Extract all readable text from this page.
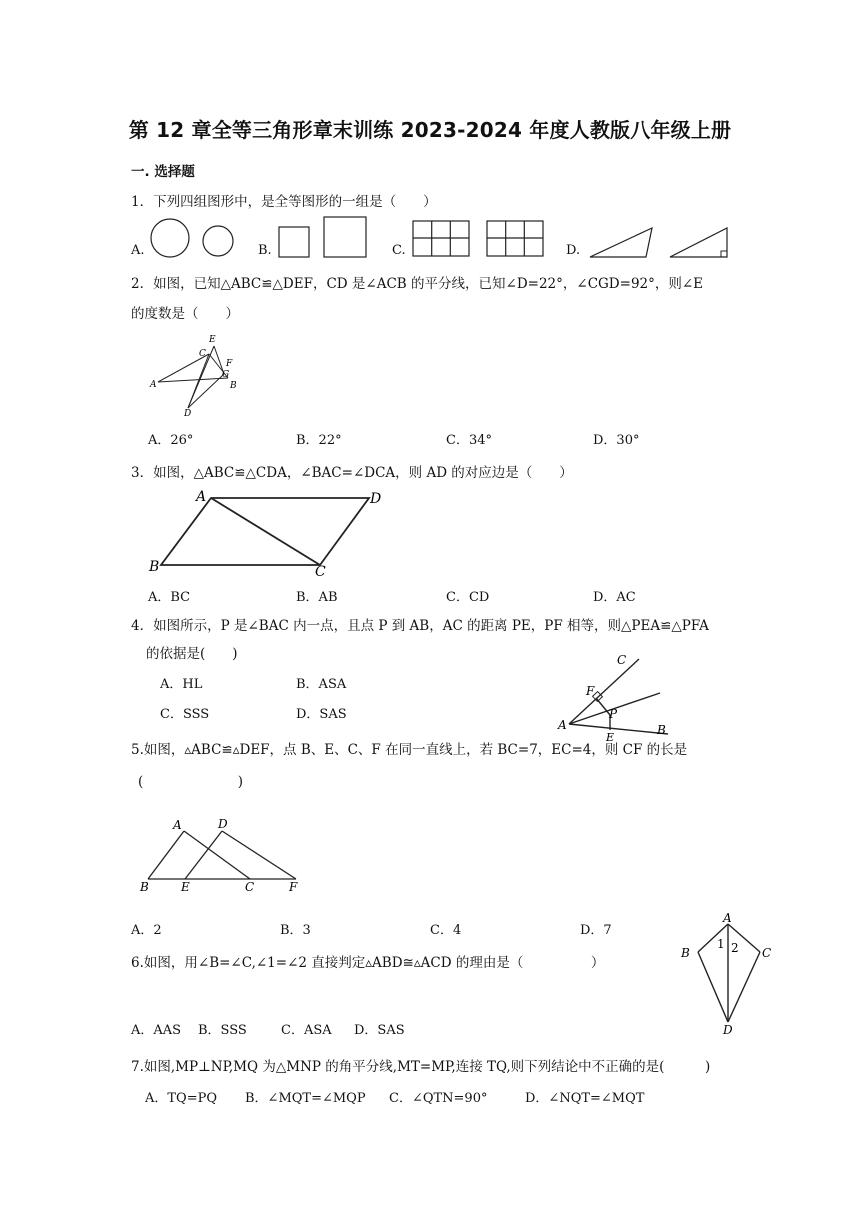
第 12 章全等三角形章末训练 2023-2024 年度人教版八年级上册
一. 选择题
1．下列四组图形中，是全等图形的一组是（　　）
A.	B.	C.	D.
2．如图，已知△ABC≌△DEF，CD 是∠ACB 的平分线，已知∠D=22°，∠CGD=92°，则∠E
的度数是（　　）
E
C
F
G
A	B
D
A．26°	B．22°	C．34°	D．30°
3．如图，△ABC≌△CDA，∠BAC=∠DCA，则 AD 的对应边是（　　）
A	D
B	C
A．BC	B．AB	C．CD	D．AC
4．如图所示，P 是∠BAC 内一点，且点 P 到 AB，AC 的距离 PE，PF 相等，则△PEA≌△PFA
的依据是(　　)
A．HL	B．ASA
C．SSS	D．SAS
C
F
P
A
E
B
5.如图，▵ABC≌▵DEF，点 B、E、C、F 在同一直线上，若 BC=7，EC=4，则 CF 的长是
(　　　　　　　)
A	D
B	E	C	F
A．2	B．3	C．4	D．7
6.如图，用∠B=∠C,∠1=∠2 直接判定▵ABD≅▵ACD 的理由是（　　　　　）
A．AAS B．SSS	C．ASA D．SAS
A
1 2
B	C
D
7.如图,MP⊥NP,MQ 为△MNP 的角平分线,MT=MP,连接 TQ,则下列结论中不正确的是(　　　)
A．TQ=PQ B．∠MQT=∠MQP C．∠QTN=90°	D．∠NQT=∠MQT
